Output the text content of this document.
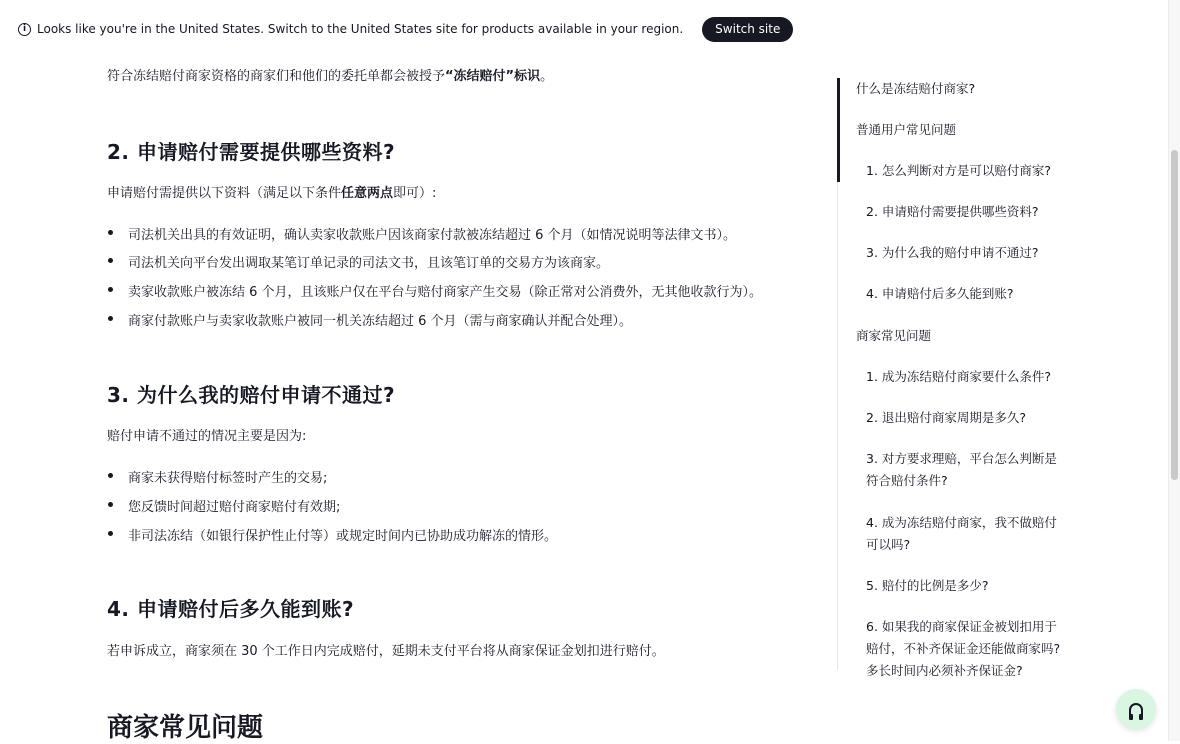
i Looks like you're in the United States. Switch to the United States site for products available in your region.	Switch site
符合冻结赔付商家资格的商家们和他们的委托单都会被授予“冻结赔付”标识。
2. 申请赔付需要提供哪些资料?
申请赔付需提供以下资料（满足以下条件任意两点即可）:
司法机关出具的有效证明，确认卖家收款账户因该商家付款被冻结超过 6 个月（如情况说明等法律文书）。
司法机关向平台发出调取某笔订单记录的司法文书，且该笔订单的交易方为该商家。
卖家收款账户被冻结 6 个月，且该账户仅在平台与赔付商家产生交易（除正常对公消费外，无其他收款行为）。
商家付款账户与卖家收款账户被同一机关冻结超过 6 个月（需与商家确认并配合处理）。
3. 为什么我的赔付申请不通过?
赔付申请不通过的情况主要是因为:
商家未获得赔付标签时产生的交易;
您反馈时间超过赔付商家赔付有效期;
非司法冻结（如银行保护性止付等）或规定时间内已协助成功解冻的情形。
4. 申请赔付后多久能到账?
若申诉成立，商家须在 30 个工作日内完成赔付，延期未支付平台将从商家保证金划扣进行赔付。
商家常见问题
什么是冻结赔付商家?
普通用户常见问题
1. 怎么判断对方是可以赔付商家?
2. 申请赔付需要提供哪些资料?
3. 为什么我的赔付申请不通过?
4. 申请赔付后多久能到账?
商家常见问题
1. 成为冻结赔付商家要什么条件?
2. 退出赔付商家周期是多久?
3. 对方要求理赔，平台怎么判断是符合赔付条件?
4. 成为冻结赔付商家，我不做赔付可以吗?
5. 赔付的比例是多少?
6. 如果我的商家保证金被划扣用于赔付，不补齐保证金还能做商家吗? 多长时间内必须补齐保证金?
